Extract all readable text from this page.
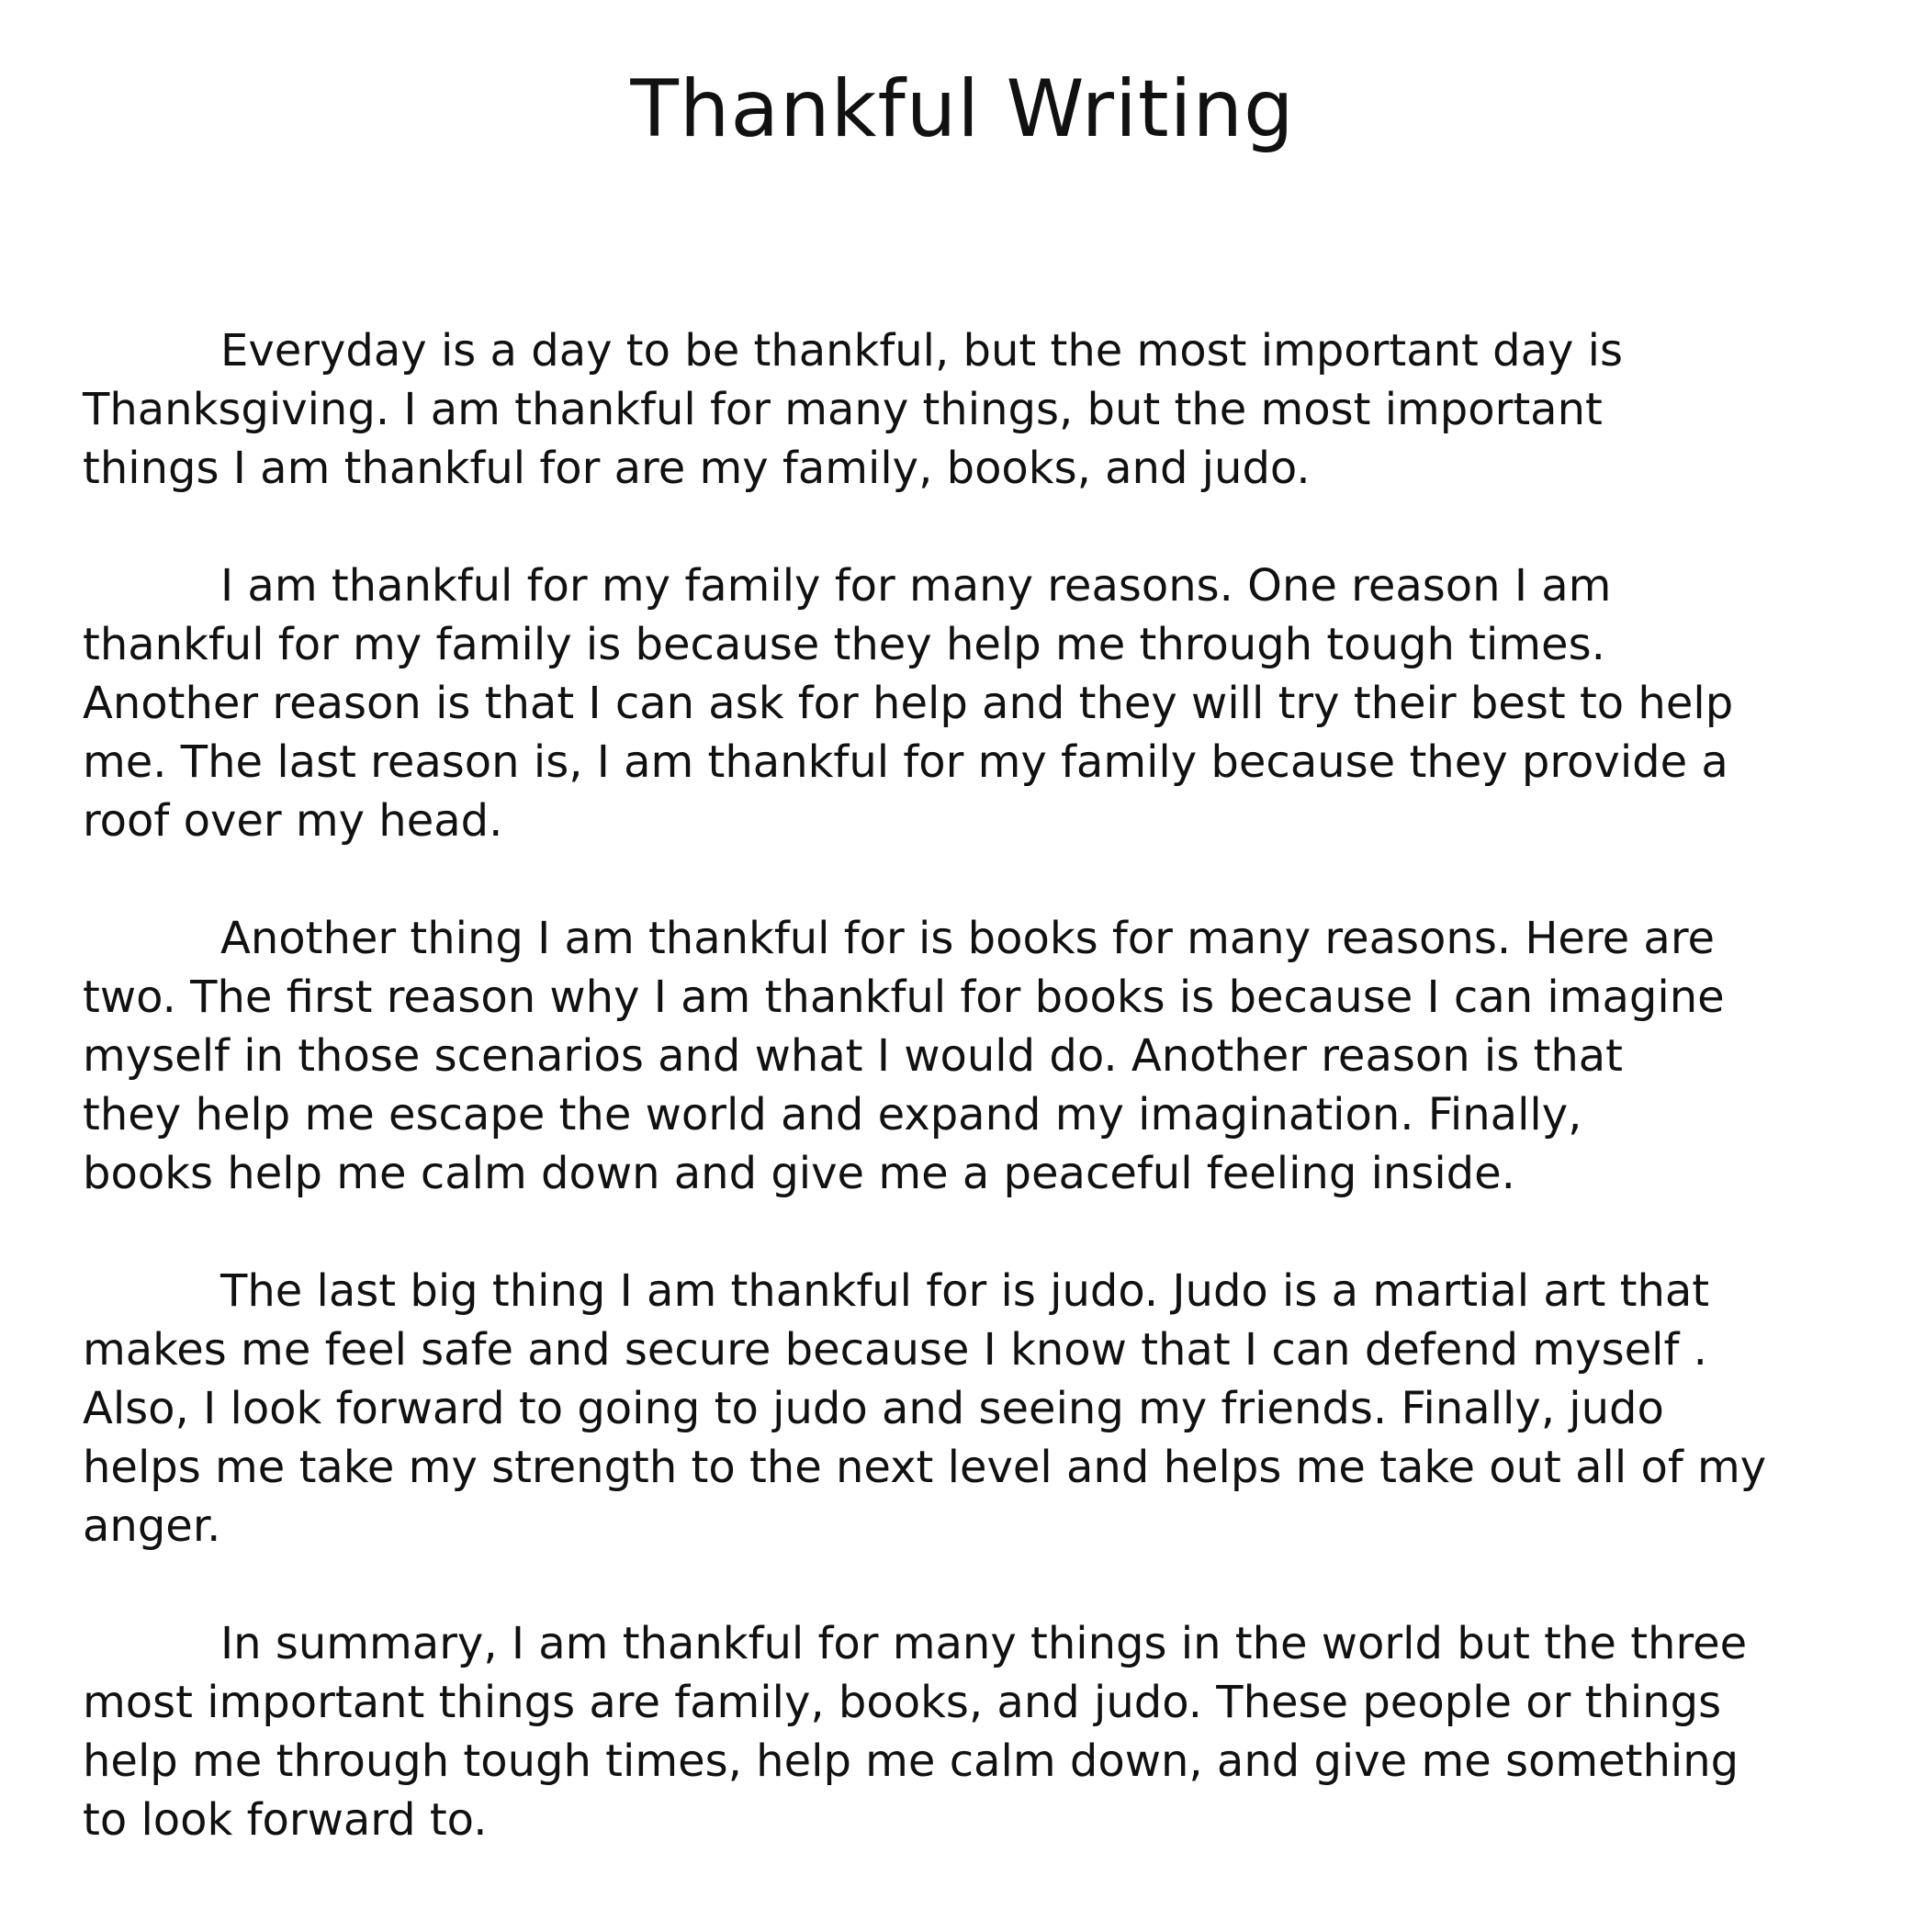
Thankful Writing

Everyday is a day to be thankful, but the most important day is
Thanksgiving. I am thankful for many things, but the most important
things I am thankful for are my family, books, and judo.

I am thankful for my family for many reasons. One reason I am
thankful for my family is because they help me through tough times.
Another reason is that I can ask for help and they will try their best to help
me. The last reason is, I am thankful for my family because they provide a
roof over my head.

Another thing I am thankful for is books for many reasons. Here are
two. The first reason why I am thankful for books is because I can imagine
myself in those scenarios and what I would do. Another reason is that
they help me escape the world and expand my imagination. Finally,
books help me calm down and give me a peaceful feeling inside.

The last big thing I am thankful for is judo. Judo is a martial art that
makes me feel safe and secure because I know that I can defend myself .
Also, I look forward to going to judo and seeing my friends. Finally, judo
helps me take my strength to the next level and helps me take out all of my
anger.

In summary, I am thankful for many things in the world but the three
most important things are family, books, and judo. These people or things
help me through tough times, help me calm down, and give me something
to look forward to.
